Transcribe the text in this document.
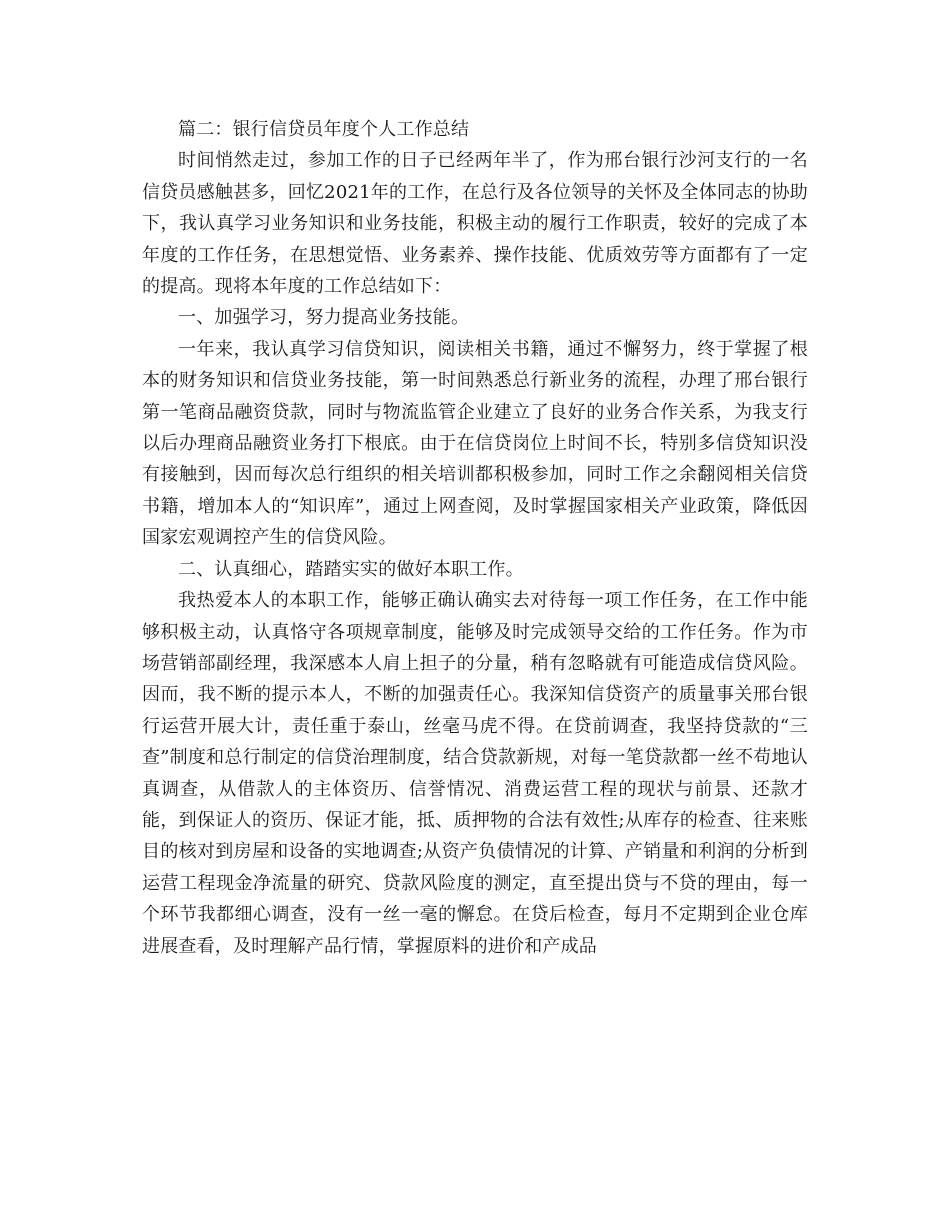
篇二：银行信贷员年度个人工作总结

时间悄然走过，参加工作的日子已经两年半了，作为邢台银行沙河支行的一名信贷员感触甚多，回忆2021年的工作，在总行及各位领导的关怀及全体同志的协助下，我认真学习业务知识和业务技能，积极主动的履行工作职责，较好的完成了本年度的工作任务，在思想觉悟、业务素养、操作技能、优质效劳等方面都有了一定的提高。现将本年度的工作总结如下：

一、加强学习，努力提高业务技能。

一年来，我认真学习信贷知识，阅读相关书籍，通过不懈努力，终于掌握了根本的财务知识和信贷业务技能，第一时间熟悉总行新业务的流程，办理了邢台银行第一笔商品融资贷款，同时与物流监管企业建立了良好的业务合作关系，为我支行以后办理商品融资业务打下根底。由于在信贷岗位上时间不长，特别多信贷知识没有接触到，因而每次总行组织的相关培训都积极参加，同时工作之余翻阅相关信贷书籍，增加本人的“知识库”，通过上网查阅，及时掌握国家相关产业政策，降低因国家宏观调控产生的信贷风险。

二、认真细心，踏踏实实的做好本职工作。

我热爱本人的本职工作，能够正确认确实去对待每一项工作任务，在工作中能够积极主动，认真恪守各项规章制度，能够及时完成领导交给的工作任务。作为市场营销部副经理，我深感本人肩上担子的分量，稍有忽略就有可能造成信贷风险。因而，我不断的提示本人，不断的加强责任心。我深知信贷资产的质量事关邢台银行运营开展大计，责任重于泰山，丝毫马虎不得。在贷前调查，我坚持贷款的“三查”制度和总行制定的信贷治理制度，结合贷款新规，对每一笔贷款都一丝不苟地认真调查，从借款人的主体资历、信誉情况、消费运营工程的现状与前景、还款才能，到保证人的资历、保证才能，抵、质押物的合法有效性;从库存的检查、往来账目的核对到房屋和设备的实地调查;从资产负债情况的计算、产销量和利润的分析到运营工程现金净流量的研究、贷款风险度的测定，直至提出贷与不贷的理由，每一个环节我都细心调查，没有一丝一毫的懈怠。在贷后检查，每月不定期到企业仓库进展查看，及时理解产品行情，掌握原料的进价和产成品
